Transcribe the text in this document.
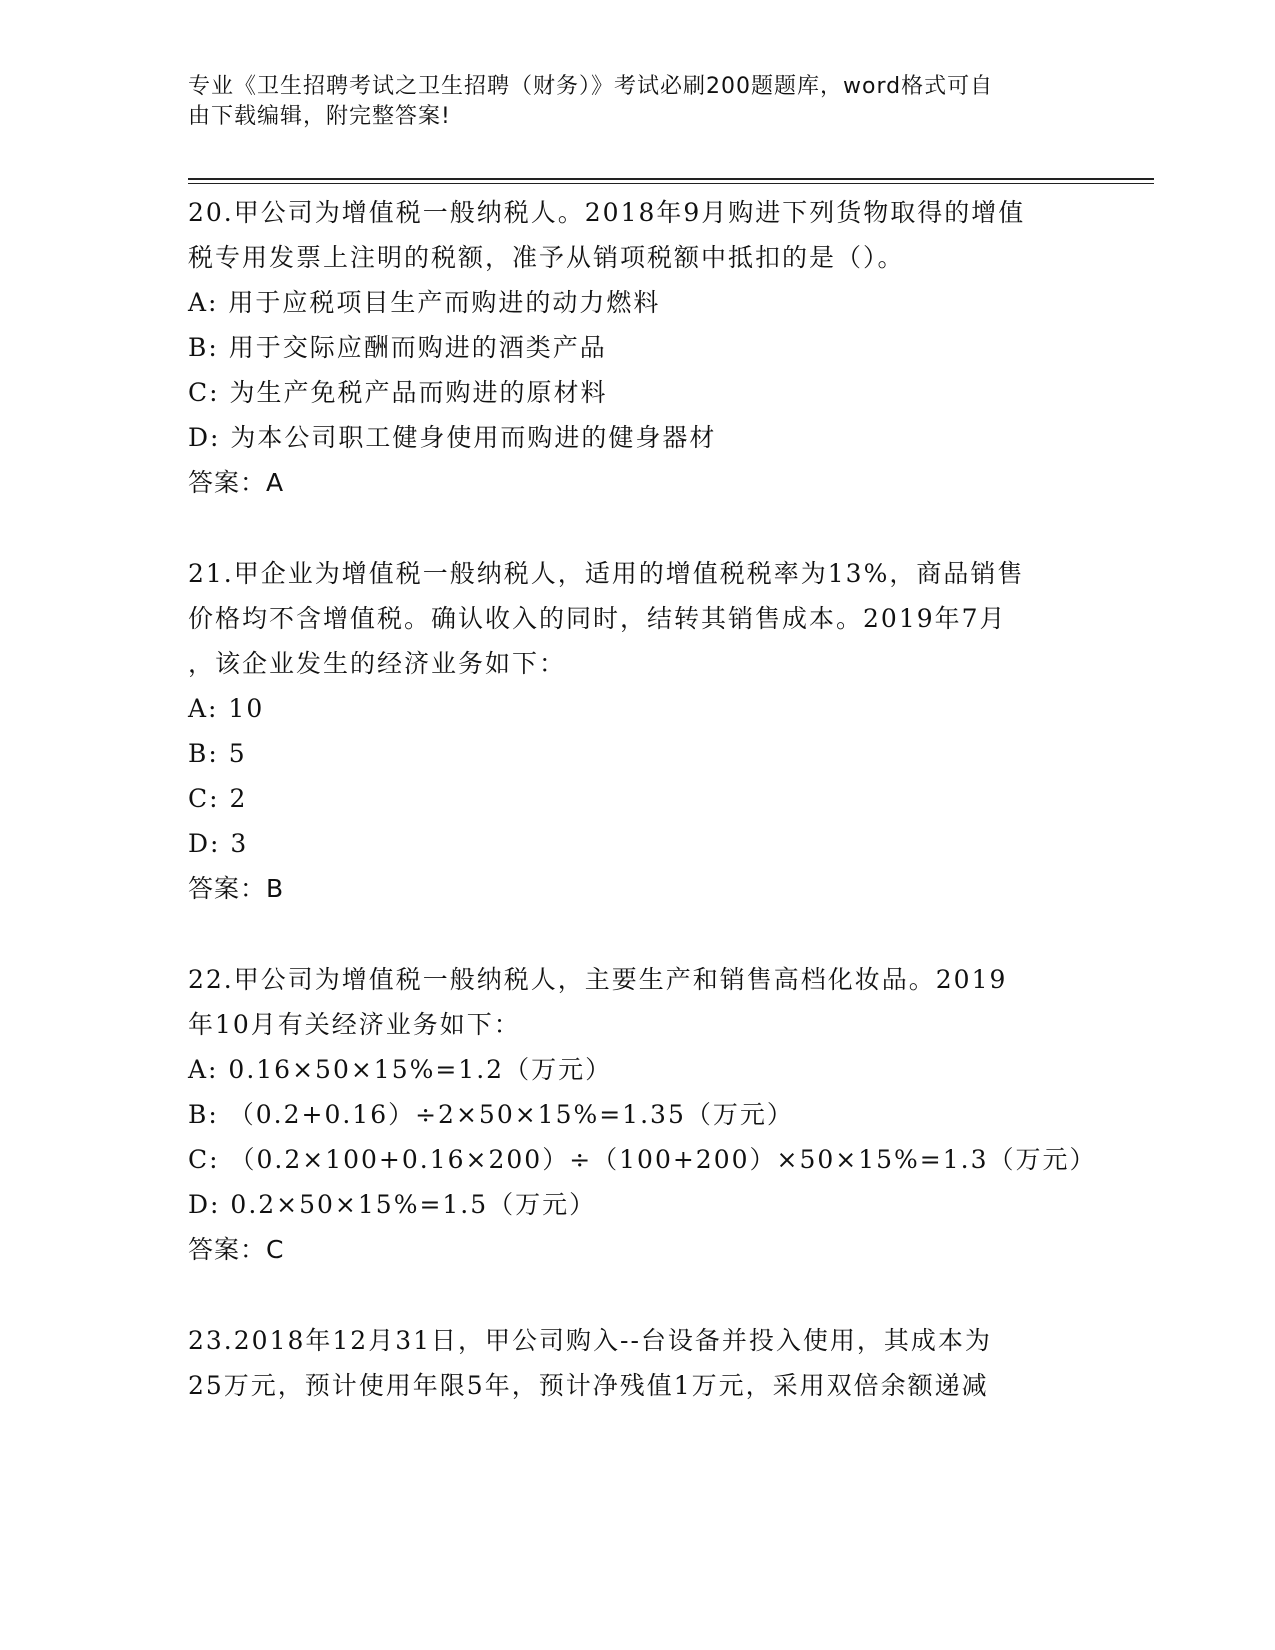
专业《卫生招聘考试之卫生招聘（财务）》考试必刷200题题库，word格式可自
由下载编辑，附完整答案!
20.甲公司为增值税一般纳税人。2018年9月购进下列货物取得的增值
税专用发票上注明的税额，准予从销项税额中抵扣的是（）。
A: 用于应税项目生产而购进的动力燃料
B: 用于交际应酬而购进的酒类产品
C: 为生产免税产品而购进的原材料
D: 为本公司职工健身使用而购进的健身器材
答案：A
21.甲企业为增值税一般纳税人，适用的增值税税率为13%，商品销售
价格均不含增值税。确认收入的同时，结转其销售成本。2019年7月
，该企业发生的经济业务如下：
A: 10
B: 5
C: 2
D: 3
答案：B
22.甲公司为增值税一般纳税人，主要生产和销售高档化妆品。2019
年10月有关经济业务如下：
A: 0.16×50×15%=1.2（万元）
B: （0.2+0.16）÷2×50×15%=1.35（万元）
C: （0.2×100+0.16×200）÷（100+200）×50×15%=1.3（万元）
D: 0.2×50×15%=1.5（万元）
答案：C
23.2018年12月31日，甲公司购入--台设备并投入使用，其成本为
25万元，预计使用年限5年，预计净残值1万元，采用双倍余额递减
